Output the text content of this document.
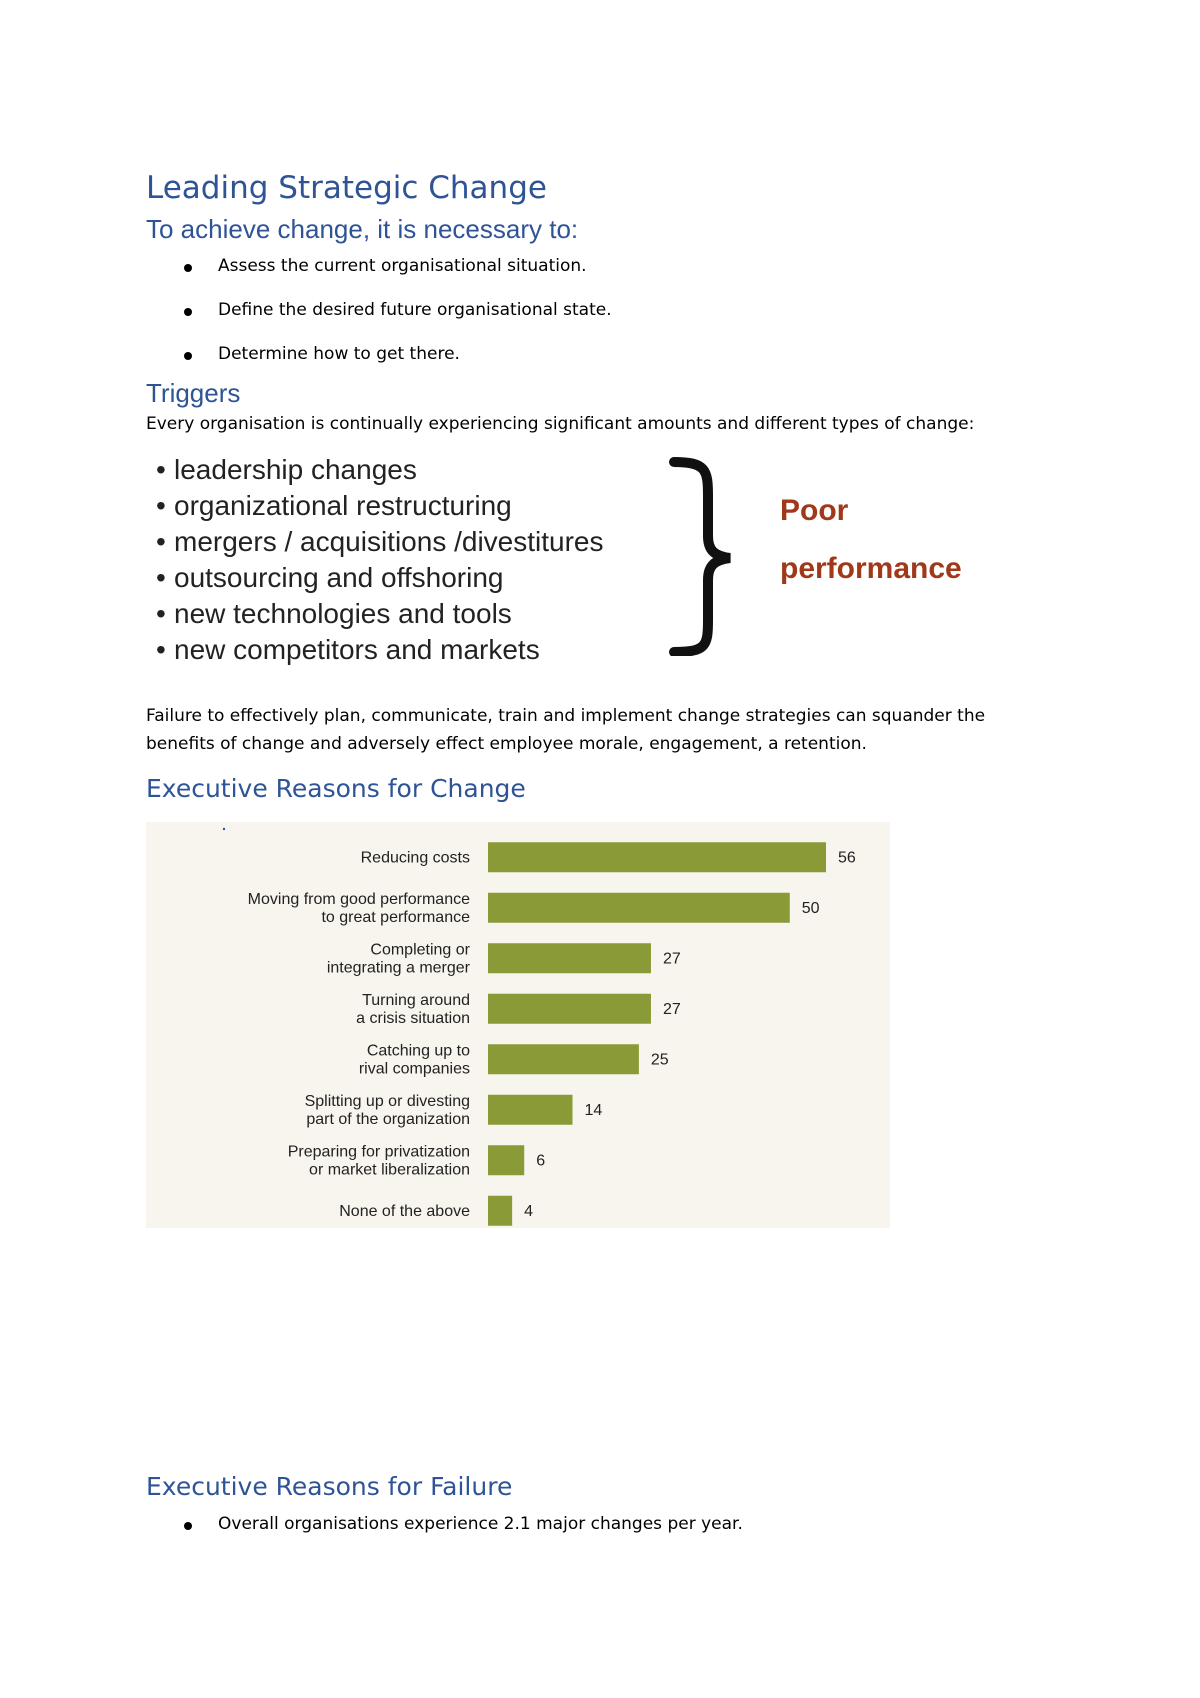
Leading Strategic Change
To achieve change, it is necessary to:
Assess the current organisational situation.
Define the desired future organisational state.
Determine how to get there.
Triggers

Every organisation is continually experiencing significant amounts and different types of change:

• leadership changes
• organizational restructuring
• mergers / acquisitions /divestitures
• outsourcing and offshoring
• new technologies and tools
• new competitors and markets
Poor
performance

Failure to effectively plan, communicate, train and implement change strategies can squander the

benefits of change and adversely effect employee morale, engagement, a retention.

Executive Reasons for Change
56
Reducing costs
50
Moving from good performance
to great performance
27
Completing or
integrating a merger
27
Turning around
a crisis situation
25
Catching up to
rival companies
14
Splitting up or divesting
part of the organization
6
Preparing for privatization
or market liberalization
4
None of the above
Executive Reasons for Failure
Overall organisations experience 2.1 major changes per year.
